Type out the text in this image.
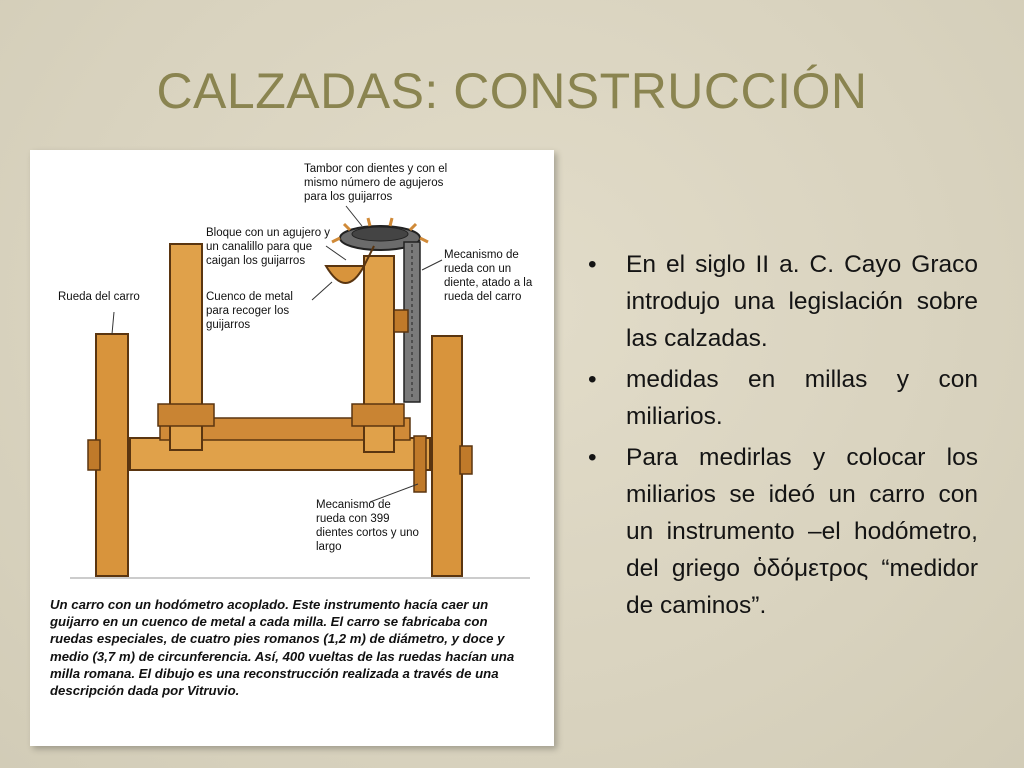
CALZADAS: CONSTRUCCIÓN
Tambor con dientes y con el mismo número de agujeros para los guijarros
Bloque con un agujero y un canalillo para que caigan los guijarros
Cuenco de metal para recoger los guijarros
Rueda del carro
Mecanismo de rueda con un diente, atado a la rueda del carro
Mecanismo de rueda con 399 dientes cortos y uno largo
Un carro con un hodómetro acoplado. Este instrumento hacía caer un guijarro en un cuenco de metal a cada milla. El carro se fabricaba con ruedas especiales, de cuatro pies romanos (1,2 m) de diámetro, y doce y medio (3,7 m) de circunferencia. Así, 400 vueltas de las ruedas hacían una milla romana. El dibujo es una reconstrucción realizada a través de una descripción dada por Vitruvio.
• En el siglo II a. C. Cayo Graco introdujo una legislación sobre las calzadas.
• medidas en millas y con miliarios.
• Para medirlas y colocar los miliarios se ideó un carro con un instrumento –el hodómetro, del griego ὁδόμετρος “medidor de caminos”.
